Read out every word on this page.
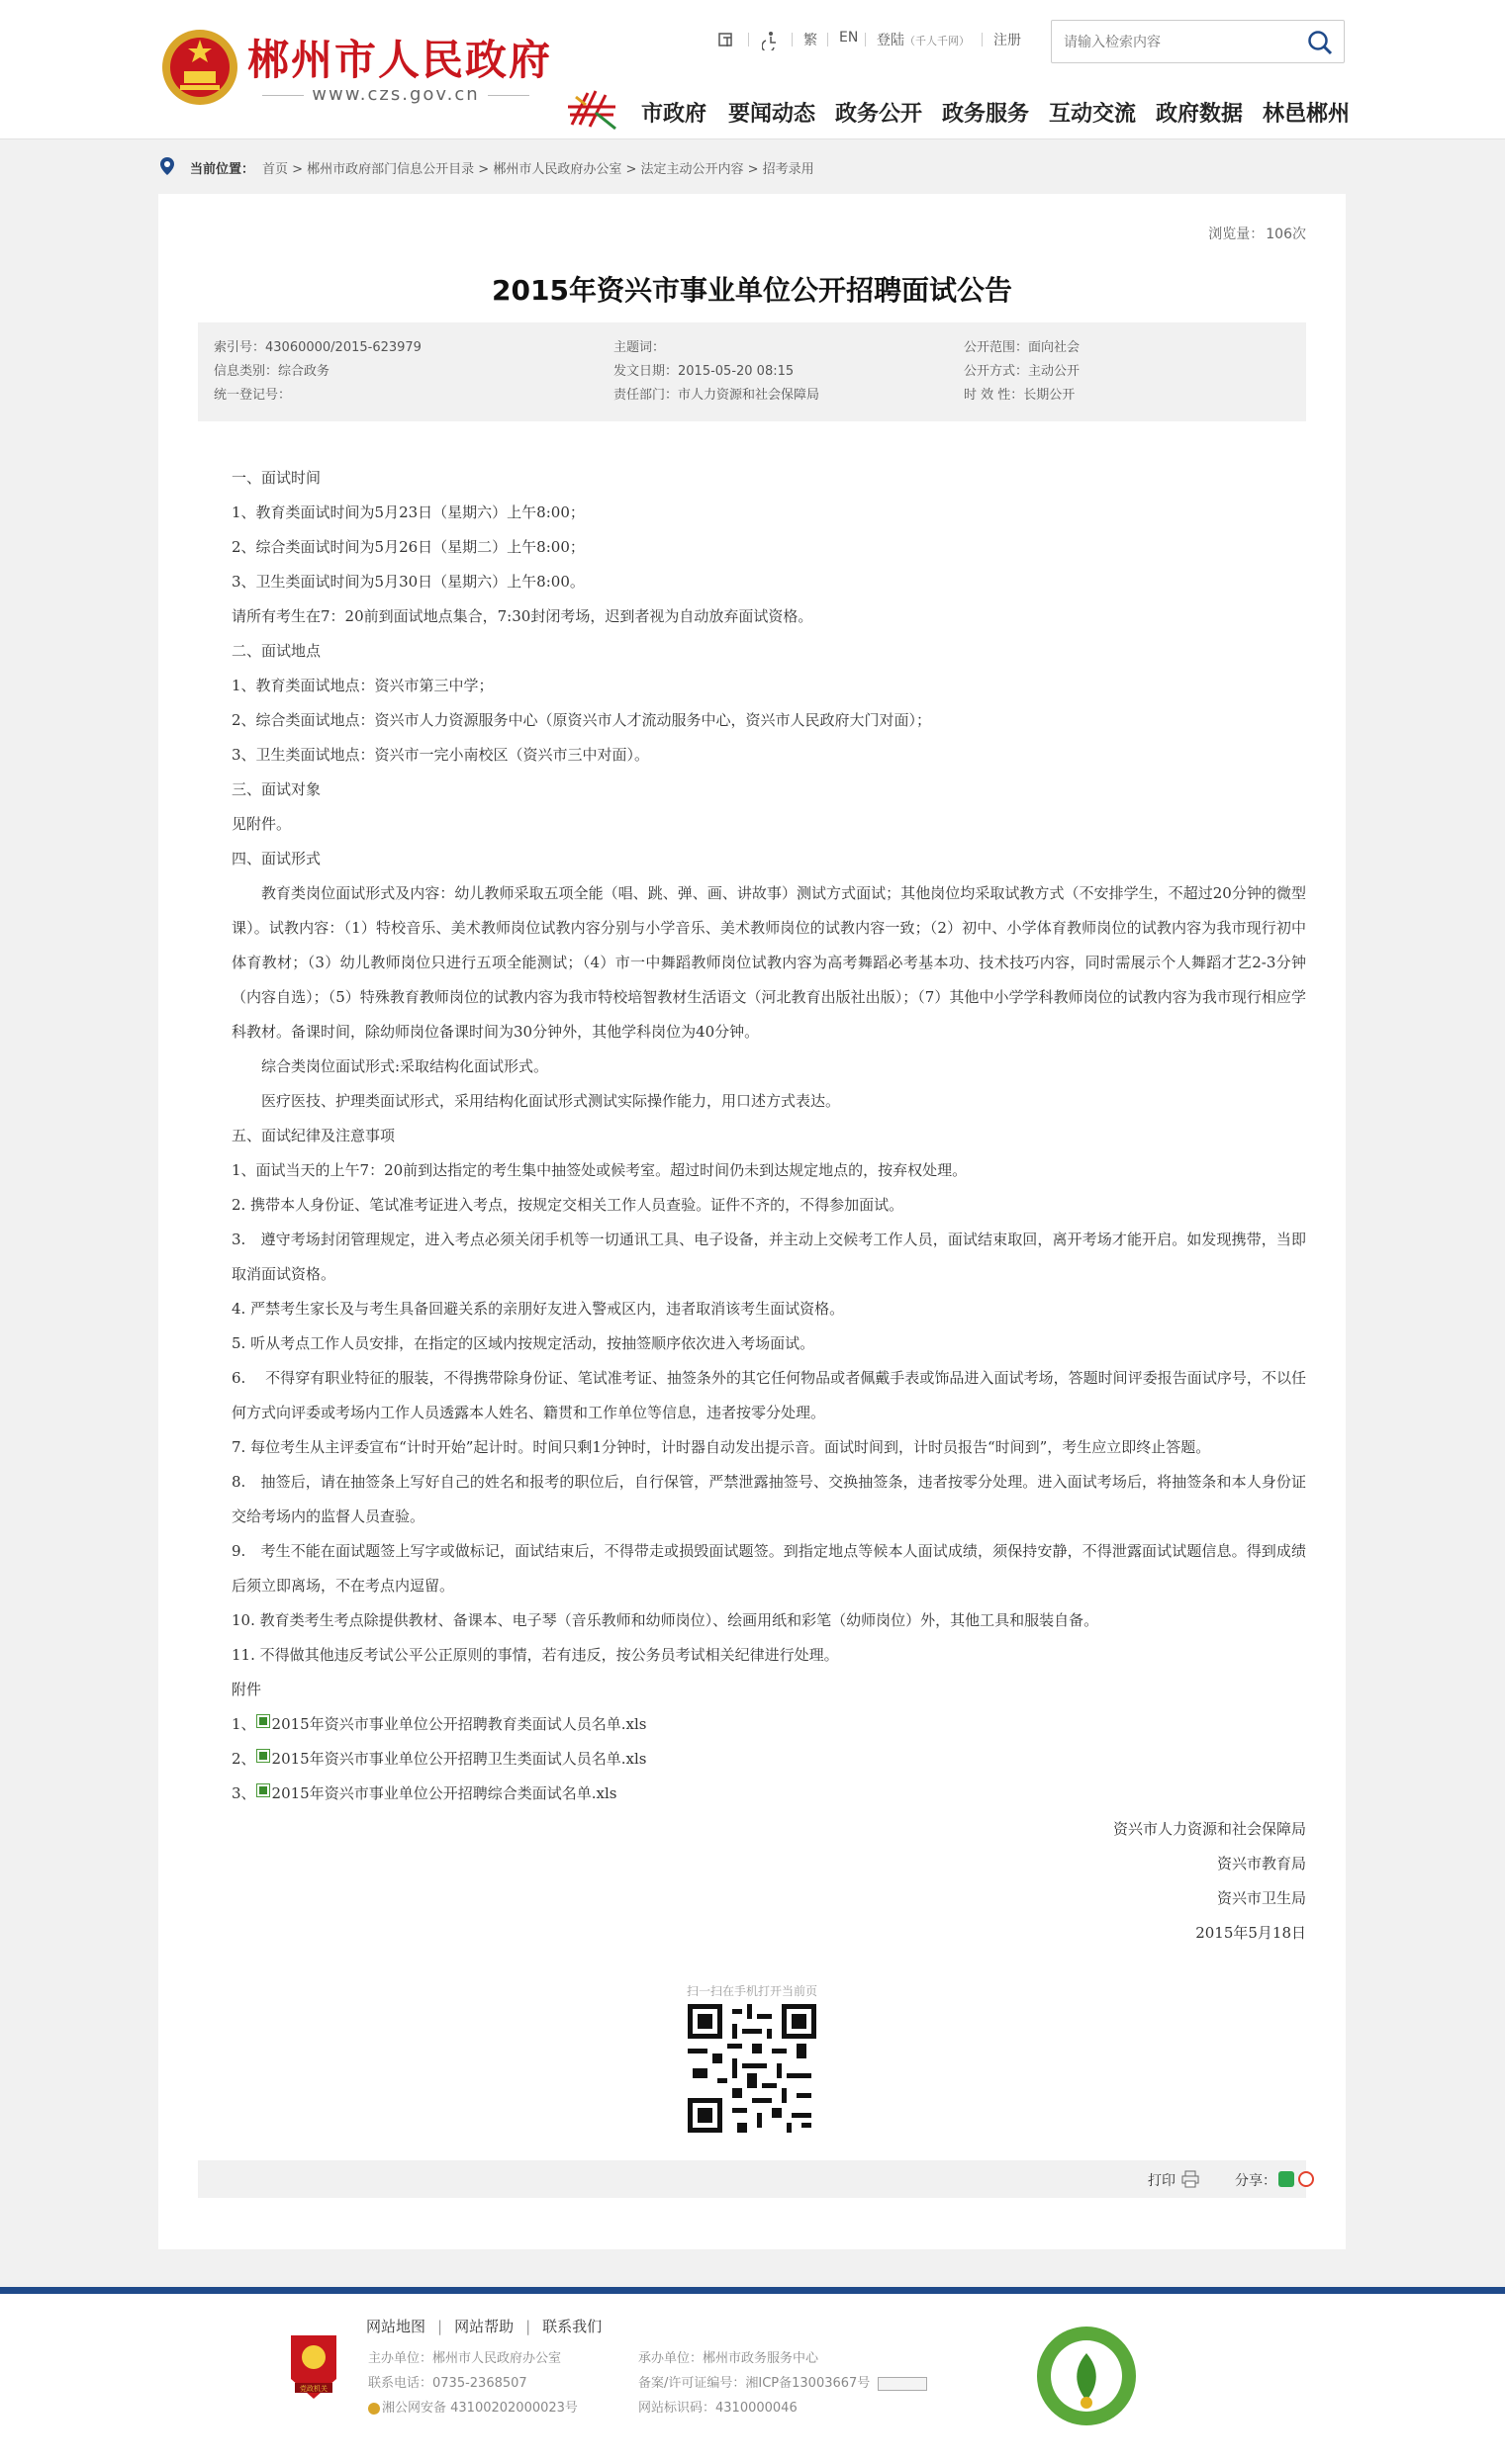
郴州市人民政府
www.czs.gov.cn
繁 EN 登陆（千人千网） 注册
请输入检索内容
市政府 要闻动态 政务公开 政务服务 互动交流 政府数据 林邑郴州
当前位置： 首页 > 郴州市政府部门信息公开目录 > 郴州市人民政府办公室 > 法定主动公开内容 > 招考录用
浏览量： 106次
2015年资兴市事业单位公开招聘面试公告
索引号：43060000/2015-623979
信息类别：综合政务
统一登记号：
主题词：
发文日期：2015-05-20 08:15
责任部门：市人力资源和社会保障局
公开范围：面向社会
公开方式：主动公开
时 效 性：长期公开

一、面试时间

1、教育类面试时间为5月23日（星期六）上午8:00；

2、综合类面试时间为5月26日（星期二）上午8:00；

3、卫生类面试时间为5月30日（星期六）上午8:00。

请所有考生在7：20前到面试地点集合，7:30封闭考场，迟到者视为自动放弃面试资格。

二、面试地点

1、教育类面试地点：资兴市第三中学；

2、综合类面试地点：资兴市人力资源服务中心（原资兴市人才流动服务中心，资兴市人民政府大门对面）；

3、卫生类面试地点：资兴市一完小南校区（资兴市三中对面）。

三、面试对象

见附件。

四、面试形式

教育类岗位面试形式及内容：幼儿教师采取五项全能（唱、跳、弹、画、讲故事）测试方式面试；其他岗位均采取试教方式（不安排学生，不超过20分钟的微型课）。试教内容：（1）特校音乐、美术教师岗位试教内容分别与小学音乐、美术教师岗位的试教内容一致；（2）初中、小学体育教师岗位的试教内容为我市现行初中体育教材；（3）幼儿教师岗位只进行五项全能测试；（4）市一中舞蹈教师岗位试教内容为高考舞蹈必考基本功、技术技巧内容，同时需展示个人舞蹈才艺2-3分钟（内容自选）；（5）特殊教育教师岗位的试教内容为我市特校培智教材生活语文（河北教育出版社出版）；（7）其他中小学学科教师岗位的试教内容为我市现行相应学科教材。备课时间，除幼师岗位备课时间为30分钟外，其他学科岗位为40分钟。

综合类岗位面试形式:采取结构化面试形式。

医疗医技、护理类面试形式，采用结构化面试形式测试实际操作能力，用口述方式表达。

五、面试纪律及注意事项

1、面试当天的上午7：20前到达指定的考生集中抽签处或候考室。超过时间仍未到达规定地点的，按弃权处理。

2. 携带本人身份证、笔试准考证进入考点，按规定交相关工作人员查验。证件不齐的，不得参加面试。

3.　遵守考场封闭管理规定，进入考点必须关闭手机等一切通讯工具、电子设备，并主动上交候考工作人员，面试结束取回，离开考场才能开启。如发现携带，当即取消面试资格。

4. 严禁考生家长及与考生具备回避关系的亲朋好友进入警戒区内，违者取消该考生面试资格。

5. 听从考点工作人员安排，在指定的区域内按规定活动，按抽签顺序依次进入考场面试。

6.　 不得穿有职业特征的服装，不得携带除身份证、笔试准考证、抽签条外的其它任何物品或者佩戴手表或饰品进入面试考场，答题时间评委报告面试序号，不以任何方式向评委或考场内工作人员透露本人姓名、籍贯和工作单位等信息，违者按零分处理。

7. 每位考生从主评委宣布“计时开始”起计时。时间只剩1分钟时，计时器自动发出提示音。面试时间到，计时员报告“时间到”，考生应立即终止答题。

8.　抽签后，请在抽签条上写好自己的姓名和报考的职位后，自行保管，严禁泄露抽签号、交换抽签条，违者按零分处理。进入面试考场后，将抽签条和本人身份证交给考场内的监督人员查验。

9.　考生不能在面试题签上写字或做标记，面试结束后，不得带走或损毁面试题签。到指定地点等候本人面试成绩，须保持安静，不得泄露面试试题信息。得到成绩后须立即离场，不在考点内逗留。

10. 教育类考生考点除提供教材、备课本、电子琴（音乐教师和幼师岗位）、绘画用纸和彩笔（幼师岗位）外，其他工具和服装自备。

11. 不得做其他违反考试公平公正原则的事情，若有违反，按公务员考试相关纪律进行处理。

附件

1、 2015年资兴市事业单位公开招聘教育类面试人员名单.xls

2、 2015年资兴市事业单位公开招聘卫生类面试人员名单.xls

3、 2015年资兴市事业单位公开招聘综合类面试名单.xls

资兴市人力资源和社会保障局
资兴市教育局
资兴市卫生局
2015年5月18日
扫一扫在手机打开当前页
打印	分享：
党政机关
网站地图 | 网站帮助 | 联系我们
主办单位：郴州市人民政府办公室
联系电话：0735-2368507
湘公网安备 43100202000023号
承办单位：郴州市政务服务中心
备案/许可证编号：湘ICP备13003667号
网站标识码：4310000046
